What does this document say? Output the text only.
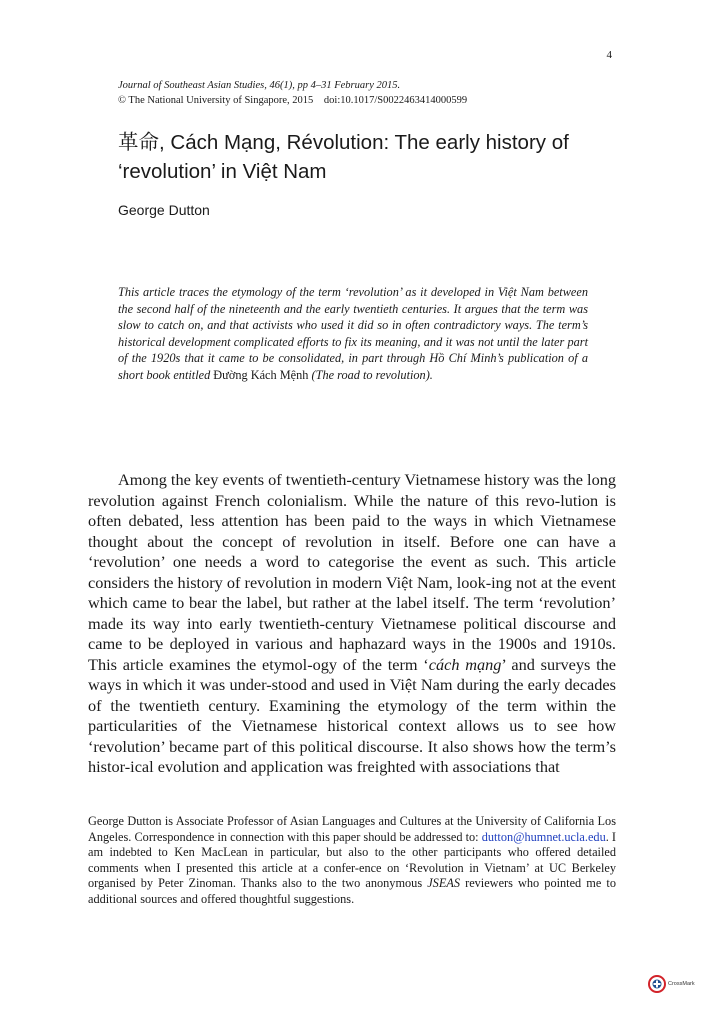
4
Journal of Southeast Asian Studies, 46(1), pp 4–31 February 2015.
© The National University of Singapore, 2015 doi:10.1017/S0022463414000599
革命, Cách Mạng, Révolution: The early history of ‘revolution’ in Việt Nam
George Dutton

This article traces the etymology of the term ‘revolution’ as it developed in Việt Nam between the second half of the nineteenth and the early twentieth centuries. It argues that the term was slow to catch on, and that activists who used it did so in often contradictory ways. The term’s historical development complicated efforts to fix its meaning, and it was not until the later part of the 1920s that it came to be consolidated, in part through Hồ Chí Minh’s publication of a short book entitled Đường Kách Mệnh (The road to revolution).

Among the key events of twentieth-century Vietnamese history was the long revolution against French colonialism. While the nature of this revo-lution is often debated, less attention has been paid to the ways in which Vietnamese thought about the concept of revolution in itself. Before one can have a ‘revolution’ one needs a word to categorise the event as such. This article considers the history of revolution in modern Việt Nam, look-ing not at the event which came to bear the label, but rather at the label itself. The term ‘revolution’ made its way into early twentieth-century Vietnamese political discourse and came to be deployed in various and haphazard ways in the 1900s and 1910s. This article examines the etymol-ogy of the term ‘cách mạng’ and surveys the ways in which it was under-stood and used in Việt Nam during the early decades of the twentieth century. Examining the etymology of the term within the particularities of the Vietnamese historical context allows us to see how ‘revolution’ became part of this political discourse. It also shows how the term’s histor-ical evolution and application was freighted with associations that

George Dutton is Associate Professor of Asian Languages and Cultures at the University of California Los Angeles. Correspondence in connection with this paper should be addressed to: dutton@humnet.ucla.edu. I am indebted to Ken MacLean in particular, but also to the other participants who offered detailed comments when I presented this article at a confer-ence on ‘Revolution in Vietnam’ at UC Berkeley organised by Peter Zinoman. Thanks also to the two anonymous JSEAS reviewers who pointed me to additional sources and offered thoughtful suggestions.

CrossMark
